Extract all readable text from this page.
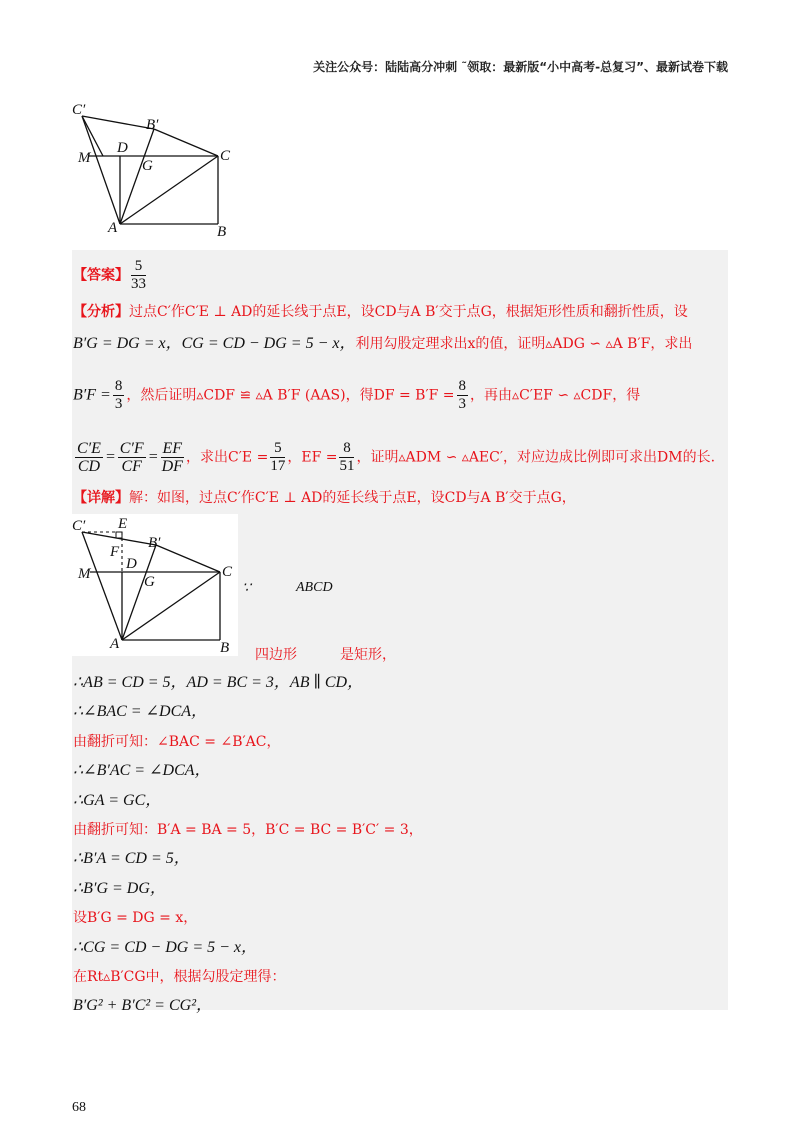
关注公众号：陆陆高分冲刺 ˜领取：最新版“小中高考-总复习”、最新试卷下载
C′
B′
D
M	G
C
A	B
【答案】 $\frac{5}{33}$
【分析】过点C′作C′E ⊥ AD的延长线于点E，设CD与A B′交于点G，根据矩形性质和翻折性质，设
B′G = DG = x，CG = CD − DG = 5 − x，利用勾股定理求出x的值，证明▵ADG ∽ ▵A B′F，求出
$B'F = \frac{8}{3}$ ，然后证明▵CDF ≌ ▵A B′F (AAS)，得DF = $B'F = \frac{8}{3}$ ，再由▵C′EF ∽ ▵CDF，得
$\frac{C'E}{CD} = \frac{C'F}{CF} = \frac{EF}{DF}$ ，求出$C'E = \frac{5}{17}$ ，EF = $\frac{8}{51}$ ，证明▵ADM ∽ ▵AEC′，对应边成比例即可求出DM的长.
【详解】解：如图，过点C′作C′E ⊥ AD的延长线于点E，设CD与A B′交于点G，
C′ E
B′
F
D
M	G
C
A	B
∵	ABCD
四边形	是矩形，
∴AB = CD = 5，AD = BC = 3，AB ∥ CD，
∴∠BAC = ∠DCA，
由翻折可知：∠BAC = ∠B′AC，
∴∠B′AC = ∠DCA，
∴GA = GC，
由翻折可知：B′A = BA = 5，B′C = BC = B′C′ = 3，
∴B′A = CD = 5，
∴B′G = DG，
设B′G = DG = x，
∴CG = CD − DG = 5 − x，
在Rt▵B′CG中，根据勾股定理得：
B′G² + B′C² = CG²，
68
